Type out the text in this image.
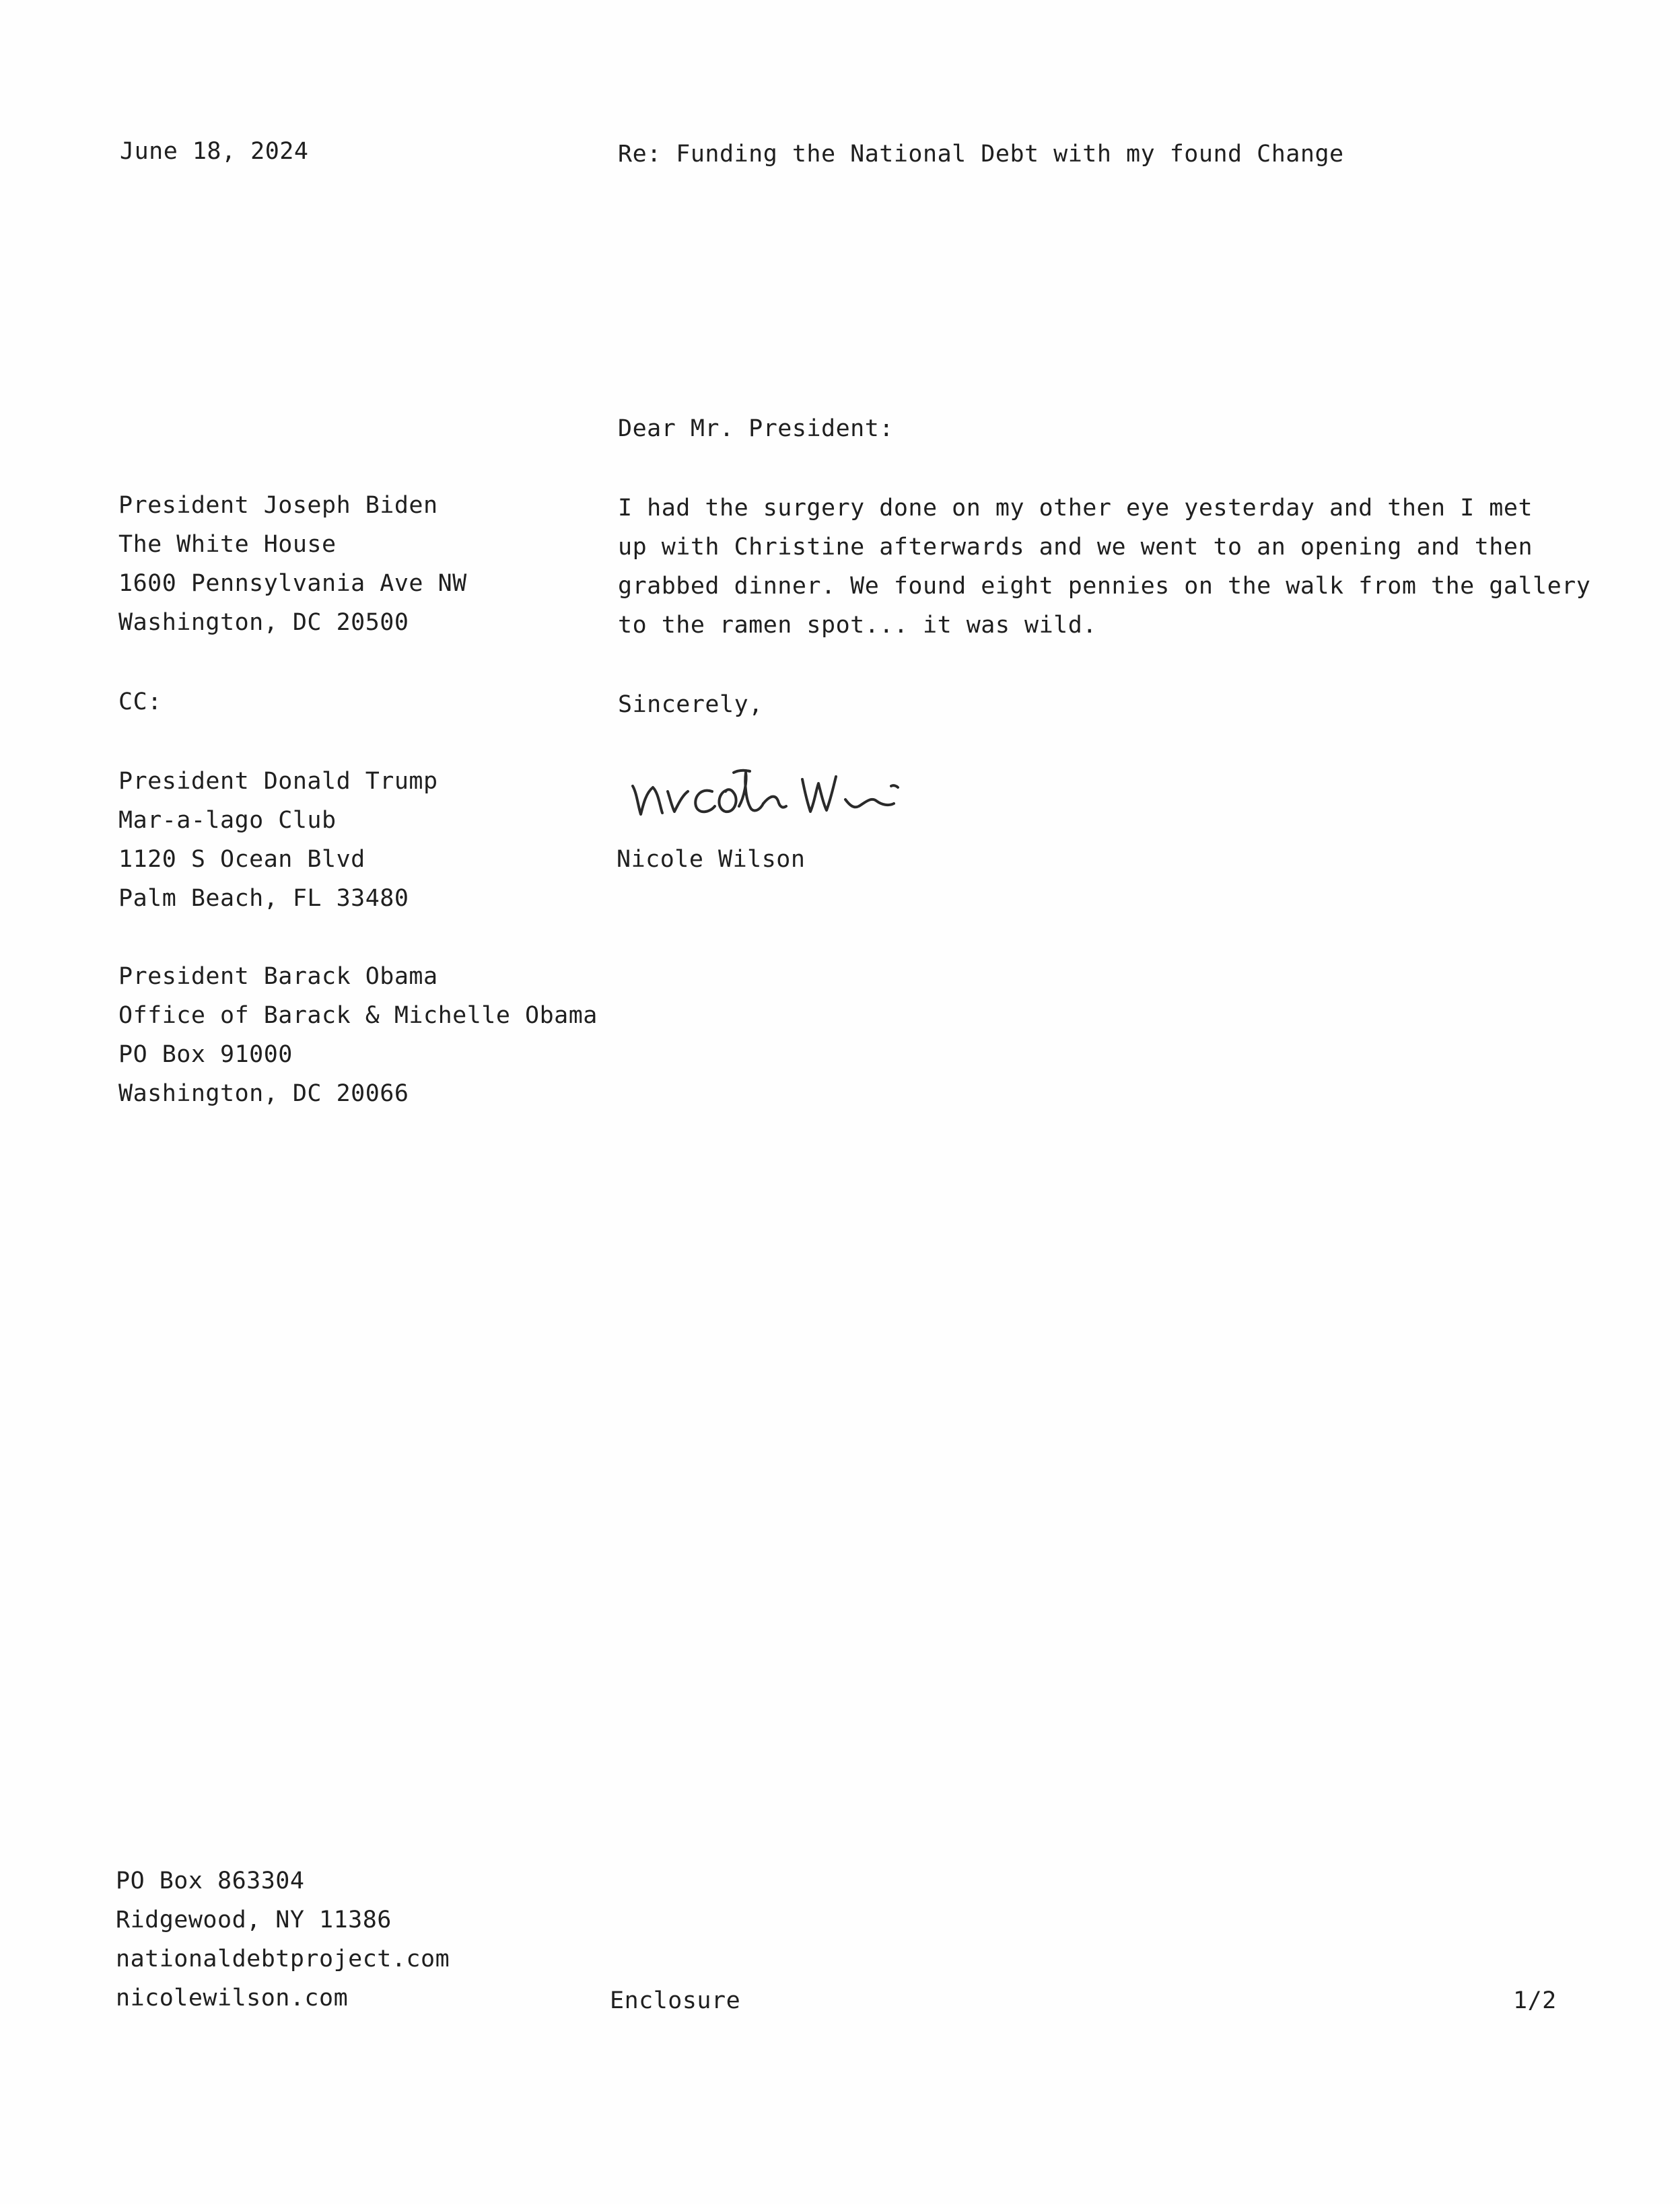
June 18, 2024	Re: Funding the National Debt with my found Change
Dear Mr. President:
President Joseph Biden
The White House
1600 Pennsylvania Ave NW
Washington, DC 20500
I had the surgery done on my other eye yesterday and then I met
up with Christine afterwards and we went to an opening and then
grabbed dinner. We found eight pennies on the walk from the gallery
to the ramen spot... it was wild.
CC:	Sincerely,
Nicole Wilson
President Donald Trump
Mar-a-lago Club
1120 S Ocean Blvd
Palm Beach, FL 33480
President Barack Obama
Office of Barack & Michelle Obama
PO Box 91000
Washington, DC 20066
PO Box 863304
Ridgewood, NY 11386
nationaldebtproject.com
nicolewilson.com	Enclosure	1/2
